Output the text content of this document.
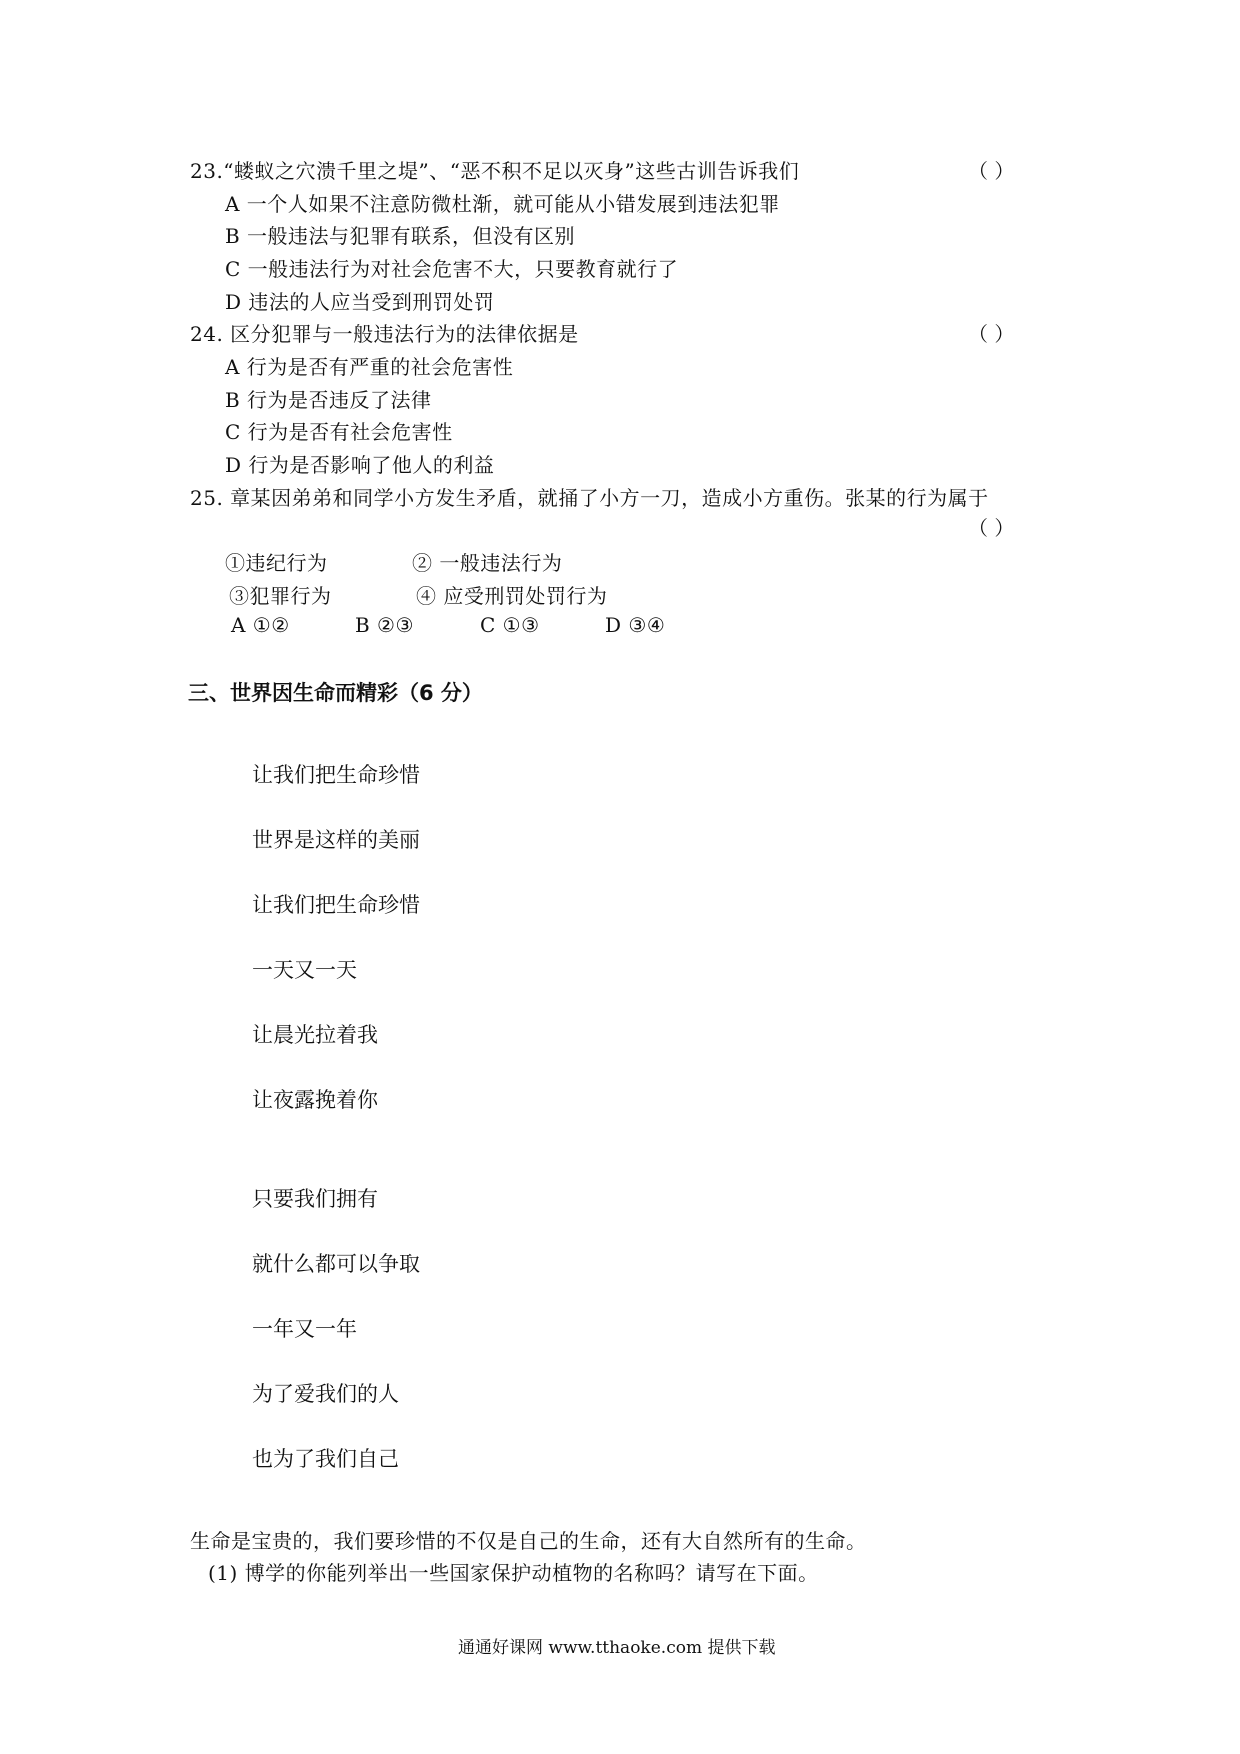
23.“蝼蚁之穴溃千里之堤”、“恶不积不足以灭身”这些古训告诉我们	（ ）
A 一个人如果不注意防微杜渐，就可能从小错发展到违法犯罪
B 一般违法与犯罪有联系，但没有区别
C 一般违法行为对社会危害不大，只要教育就行了
D 违法的人应当受到刑罚处罚
24. 区分犯罪与一般违法行为的法律依据是	（ ）
A 行为是否有严重的社会危害性
B 行为是否违反了法律
C 行为是否有社会危害性
D 行为是否影响了他人的利益
25. 章某因弟弟和同学小方发生矛盾，就捅了小方一刀，造成小方重伤。张某的行为属于
（ ）
①违纪行为	② 一般违法行为
③犯罪行为	④ 应受刑罚处罚行为
A ①②	B ②③	C ①③	D ③④
三、世界因生命而精彩（6 分）
让我们把生命珍惜
世界是这样的美丽
让我们把生命珍惜
一天又一天
让晨光拉着我
让夜露挽着你
只要我们拥有
就什么都可以争取
一年又一年
为了爱我们的人
也为了我们自己
生命是宝贵的，我们要珍惜的不仅是自己的生命，还有大自然所有的生命。
(1) 博学的你能列举出一些国家保护动植物的名称吗？请写在下面。
通通好课网 www.tthaoke.com 提供下载
